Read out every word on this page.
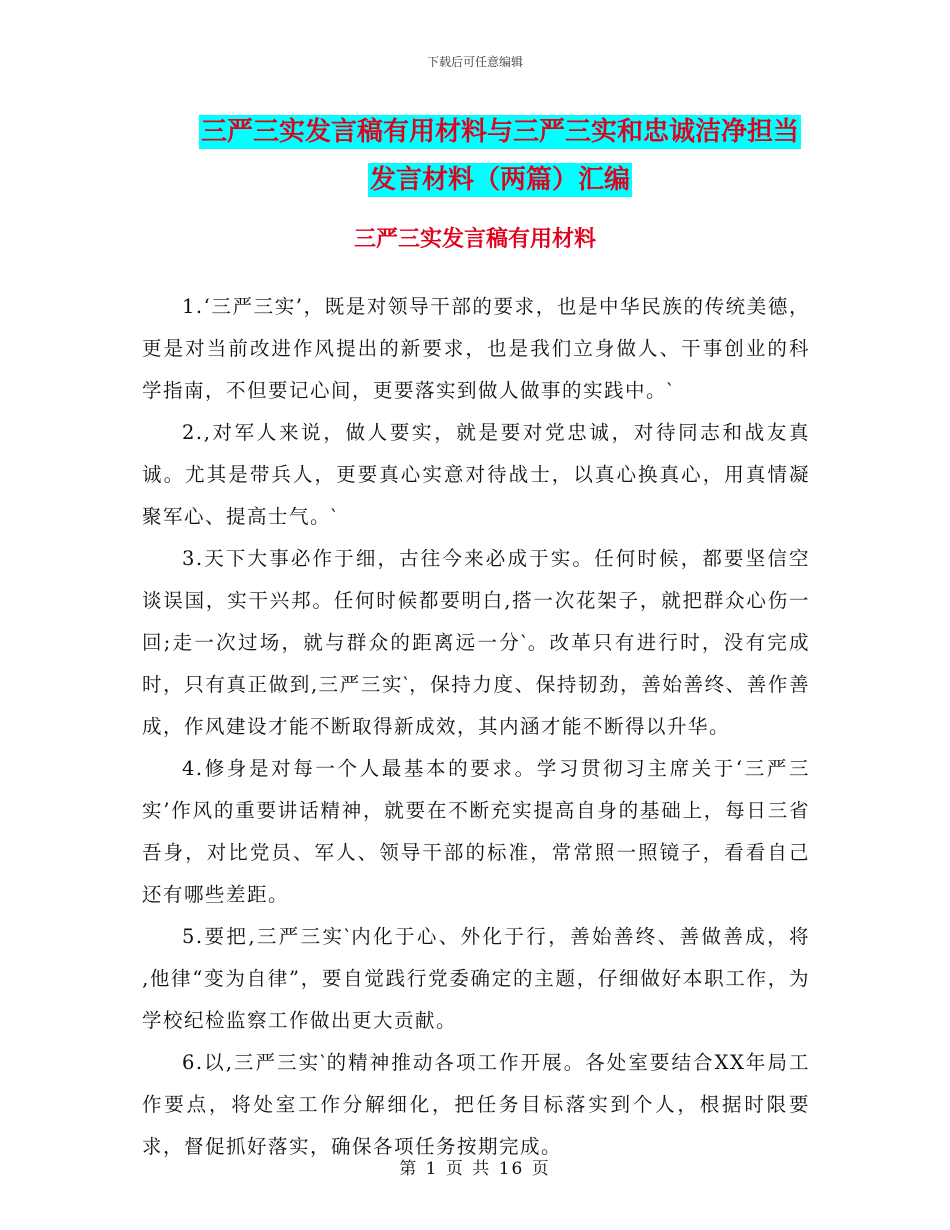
下载后可任意编辑
三严三实发言稿有用材料与三严三实和忠诚洁净担当
发言材料（两篇）汇编
三严三实发言稿有用材料

1.‘三严三实’，既是对领导干部的要求，也是中华民族的传统美德，更是对当前改进作风提出的新要求，也是我们立身做人、干事创业的科学指南，不但要记心间，更要落实到做人做事的实践中。‵

2.‚对军人来说，做人要实，就是要对党忠诚，对待同志和战友真诚。尤其是带兵人，更要真心实意对待战士，以真心换真心，用真情凝聚军心、提高士气。‵

3.天下大事必作于细，古往今来必成于实。任何时候，都要坚信空谈误国，实干兴邦。任何时候都要明白‚搭一次花架子，就把群众心伤一回;走一次过场，就与群众的距离远一分‵。改革只有进行时，没有完成时，只有真正做到‚三严三实‵，保持力度、保持韧劲，善始善终、善作善成，作风建设才能不断取得新成效，其内涵才能不断得以升华。

4.修身是对每一个人最基本的要求。学习贯彻习主席关于‘三严三实’作风的重要讲话精神，就要在不断充实提高自身的基础上，每日三省吾身，对比党员、军人、领导干部的标准，常常照一照镜子，看看自己还有哪些差距。

5.要把‚三严三实‵内化于心、外化于行，善始善终、善做善成，将‚他律“变为自律”，要自觉践行党委确定的主题，仔细做好本职工作，为学校纪检监察工作做出更大贡献。

6.以‚三严三实‵的精神推动各项工作开展。各处室要结合XX年局工作要点，将处室工作分解细化，把任务目标落实到个人，根据时限要求，督促抓好落实，确保各项任务按期完成。

第 1 页 共 16 页
